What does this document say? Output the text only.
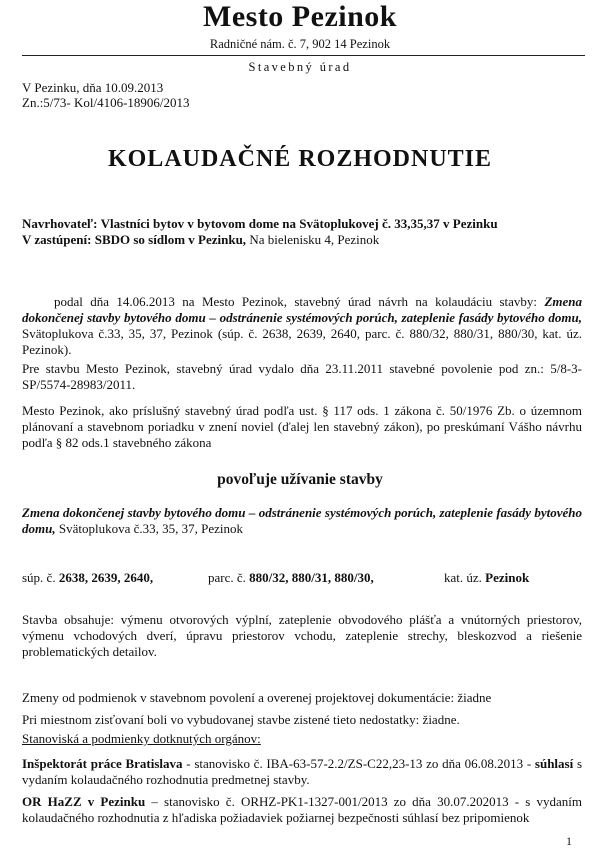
Mesto Pezinok
Radničné nám. č. 7, 902 14 Pezinok
Stavebný úrad
V Pezinku, dňa 10.09.2013
Zn.:5/73- Kol/4106-18906/2013
KOLAUDAČNÉ ROZHODNUTIE
Navrhovateľ: Vlastníci bytov v bytovom dome na Svätoplukovej č. 33,35,37 v Pezinku
V zastúpení: SBDO so sídlom v Pezinku, Na bielenisku 4, Pezinok
podal dňa 14.06.2013 na Mesto Pezinok, stavebný úrad návrh na kolaudáciu stavby: Zmena dokončenej stavby bytového domu – odstránenie systémových porúch, zateplenie fasády bytového domu, Svätoplukova č.33, 35, 37, Pezinok (súp. č. 2638, 2639, 2640, parc. č. 880/32, 880/31, 880/30, kat. úz. Pezinok).
Pre stavbu Mesto Pezinok, stavebný úrad vydalo dňa 23.11.2011 stavebné povolenie pod zn.: 5/8-3-SP/5574-28983/2011.
Mesto Pezinok, ako príslušný stavebný úrad podľa ust. § 117 ods. 1 zákona č. 50/1976 Zb. o územnom plánovaní a stavebnom poriadku v znení noviel (ďalej len stavebný zákon), po preskúmaní Vášho návrhu podľa § 82 ods.1 stavebného zákona
povoľuje užívanie stavby
Zmena dokončenej stavby bytového domu – odstránenie systémových porúch, zateplenie fasády bytového domu, Svätoplukova č.33, 35, 37, Pezinok
súp. č. 2638, 2639, 2640,	parc. č. 880/32, 880/31, 880/30,	kat. úz. Pezinok
Stavba obsahuje: výmenu otvorových výplní, zateplenie obvodového plášťa a vnútorných priestorov, výmenu vchodových dverí, úpravu priestorov vchodu, zateplenie strechy, bleskozvod a riešenie problematických detailov.
Zmeny od podmienok v stavebnom povolení a overenej projektovej dokumentácie: žiadne
Pri miestnom zisťovaní boli vo vybudovanej stavbe zistené tieto nedostatky: žiadne.
Stanoviská a podmienky dotknutých orgánov:
Inšpektorát práce Bratislava - stanovisko č. IBA-63-57-2.2/ZS-C22,23-13 zo dňa 06.08.2013 - súhlasí s vydaním kolaudačného rozhodnutia predmetnej stavby.
OR HaZZ v Pezinku – stanovisko č. ORHZ-PK1-1327-001/2013 zo dňa 30.07.202013 - s vydaním kolaudačného rozhodnutia z hľadiska požiadaviek požiarnej bezpečnosti súhlasí bez pripomienok
1
